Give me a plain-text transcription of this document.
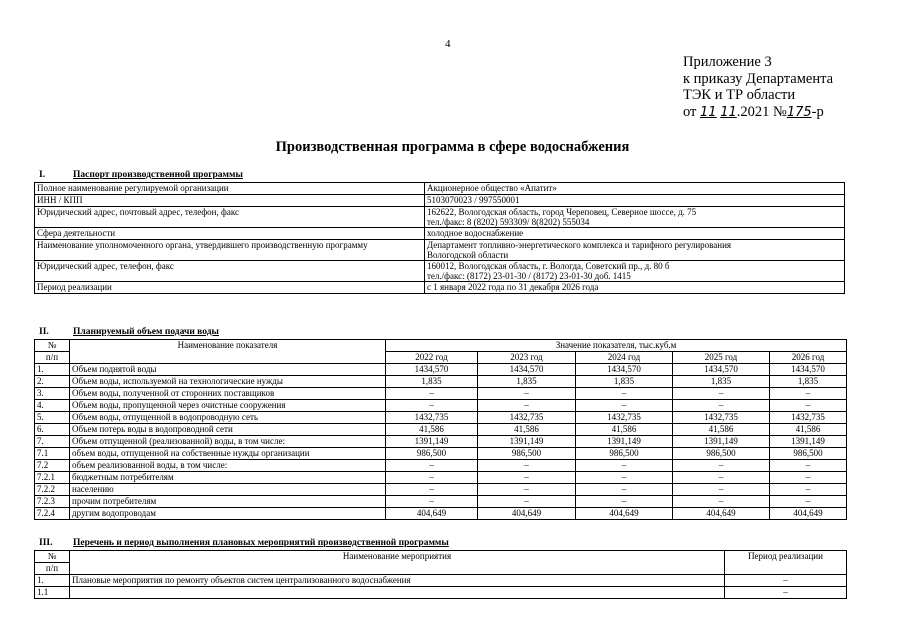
4
Приложение 3
к приказу Департамента
ТЭК и ТР области
от 11 11.2021 №175-р
Производственная программа в сфере водоснабжения
I.	Паспорт производственной программы
Полное наименование регулируемой организации	Акционерное общество «Апатит»

ИНН / КПП	5103070023 / 997550001

Юридический адрес, почтовый адрес, телефон, факс	162622, Вологодская область, город Череповец, Северное шоссе, д. 75
тел./факс: 8 (8202) 593309/ 8(8202) 555034

Сфера деятельности	холодное водоснабжение

Наименование уполномоченного органа, утвердившего производственную программу	Департамент топливно-энергетического комплекса и тарифного регулирования
Вологодской области

Юридический адрес, телефон, факс	160012, Вологодская область, г. Вологда, Советский пр., д. 80 б
тел./факс: (8172) 23-01-30 / (8172) 23-01-30 доб. 1415

Период реализации	с 1 января 2022 года по 31 декабря 2026 года
II.	Планируемый объем подачи воды
№	Наименование показателя	Значение показателя, тыс.куб.м				
п/п		2022 год	2023 год	2024 год	2025 год	2026 год
1.	Объем поднятой воды	1434,570	1434,570	1434,570	1434,570	1434,570
2.	Объем воды, используемой на технологические нужды	1,835	1,835	1,835	1,835	1,835
3.	Объем воды, полученной от сторонних поставщиков	–	–	–	–	–
4.	Объем воды, пропущенной через очистные сооружения	–	–	–	–	–
5.	Объем воды, отпущенной в водопроводную сеть	1432,735	1432,735	1432,735	1432,735	1432,735
6.	Объем потерь воды в водопроводной сети	41,586	41,586	41,586	41,586	41,586
7.	Объем отпущенной (реализованной) воды, в том числе:	1391,149	1391,149	1391,149	1391,149	1391,149
7.1	объем воды, отпущенной на собственные нужды организации	986,500	986,500	986,500	986,500	986,500
7.2	объем реализованной воды, в том числе:	–	–	–	–	–
7.2.1	бюджетным потребителям	–	–	–	–	–
7.2.2	населению	–	–	–	–	–
7.2.3	прочим потребителям	–	–	–	–	–
7.2.4	другим водопроводам	404,649	404,649	404,649	404,649	404,649
III. Перечень и период выполнения плановых мероприятий производственной программы
№	Наименование мероприятия	Период реализации
п/п		
1.	Плановые мероприятия по ремонту объектов систем централизованного водоснабжения	–
1.1		–
